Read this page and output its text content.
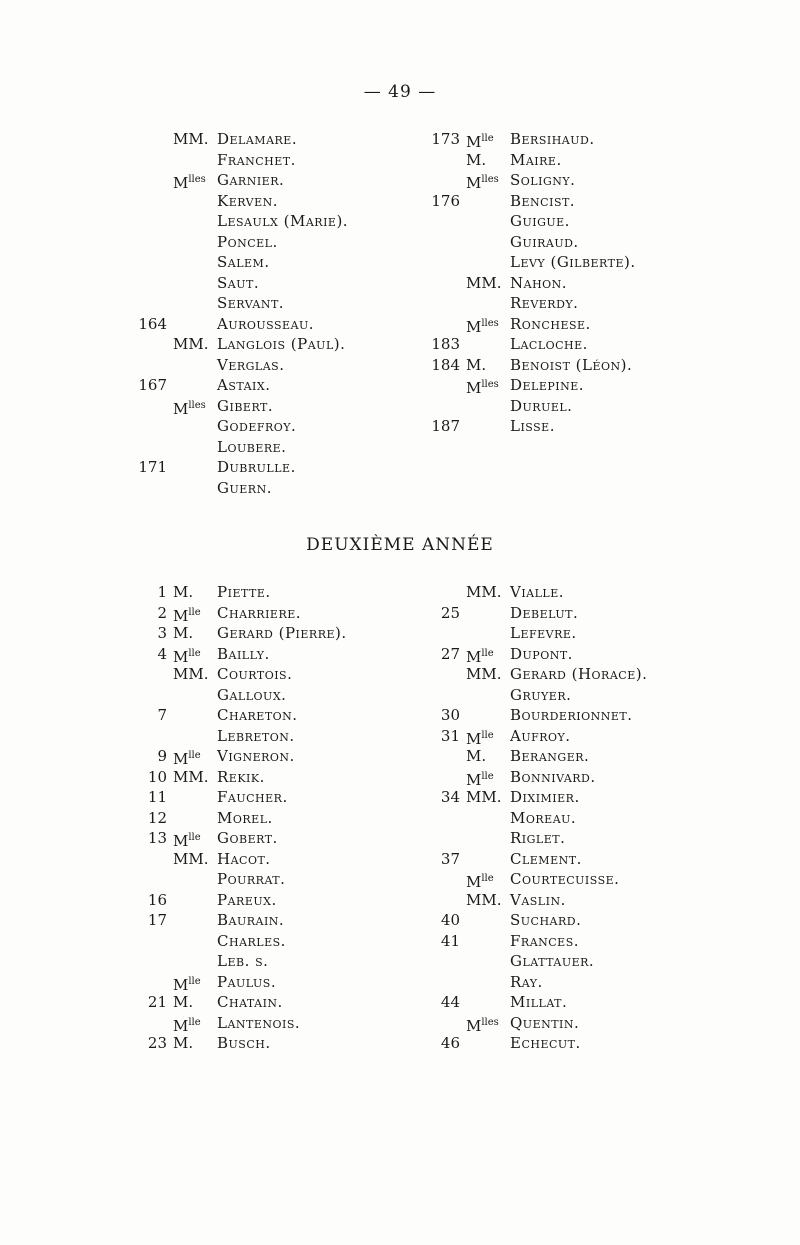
— 49 —
MM. Delamare.
Franchet.
$M^{lles}$ Garnier.
Kerven.
Lesaulx (Marie).
Poncel.
Salem.
Saut.
Servant.
164	Aurousseau.
MM. Langlois (Paul).
Verglas.
167	Astaix.
$M^{lles}$ Gibert.
Godefroy.
Loubere.
171	Dubrulle.
Guern.
173 $M^{lle}$ Bersihaud.
M. Maire.
$M^{lles}$ Soligny.
176	Bencist.
Guigue.
Guiraud.
Levy (Gilberte).
MM. Nahon.
Reverdy.
$M^{lles}$ Ronchese.
183	Lacloche.
184 M. Benoist (Léon).
$M^{lles}$ Delepine.
Duruel.
187	Lisse.
DEUXIÈME ANNÉE
1 M. Piette.
2 $M^{lle}$ Charriere.
3 M. Gerard (Pierre).
4 $M^{lle}$ Bailly.
MM. Courtois.
Galloux.
7	Chareton.
Lebreton.
9 $M^{lle}$ Vigneron.
10 MM. Rekik.
11	Faucher.
12	Morel.
13 $M^{lle}$ Gobert.
MM. Hacot.
Pourrat.
16	Pareux.
17	Baurain.
Charles.
Leb. s.
$M^{lle}$ Paulus.
21 M. Chatain.
$M^{lle}$ Lantenois.
23 M. Busch.
MM. Vialle.
25	Debelut.
Lefevre.
27 $M^{lle}$ Dupont.
MM. Gerard (Horace).
Gruyer.
30	Bourderionnet.
31 $M^{lle}$ Aufroy.
M. Beranger.
$M^{lle}$ Bonnivard.
34 MM. Diximier.
Moreau.
Riglet.
37	Clement.
$M^{lle}$ Courtecuisse.
MM. Vaslin.
40	Suchard.
41	Frances.
Glattauer.
Ray.
44	Millat.
$M^{lles}$ Quentin.
46	Echecut.
